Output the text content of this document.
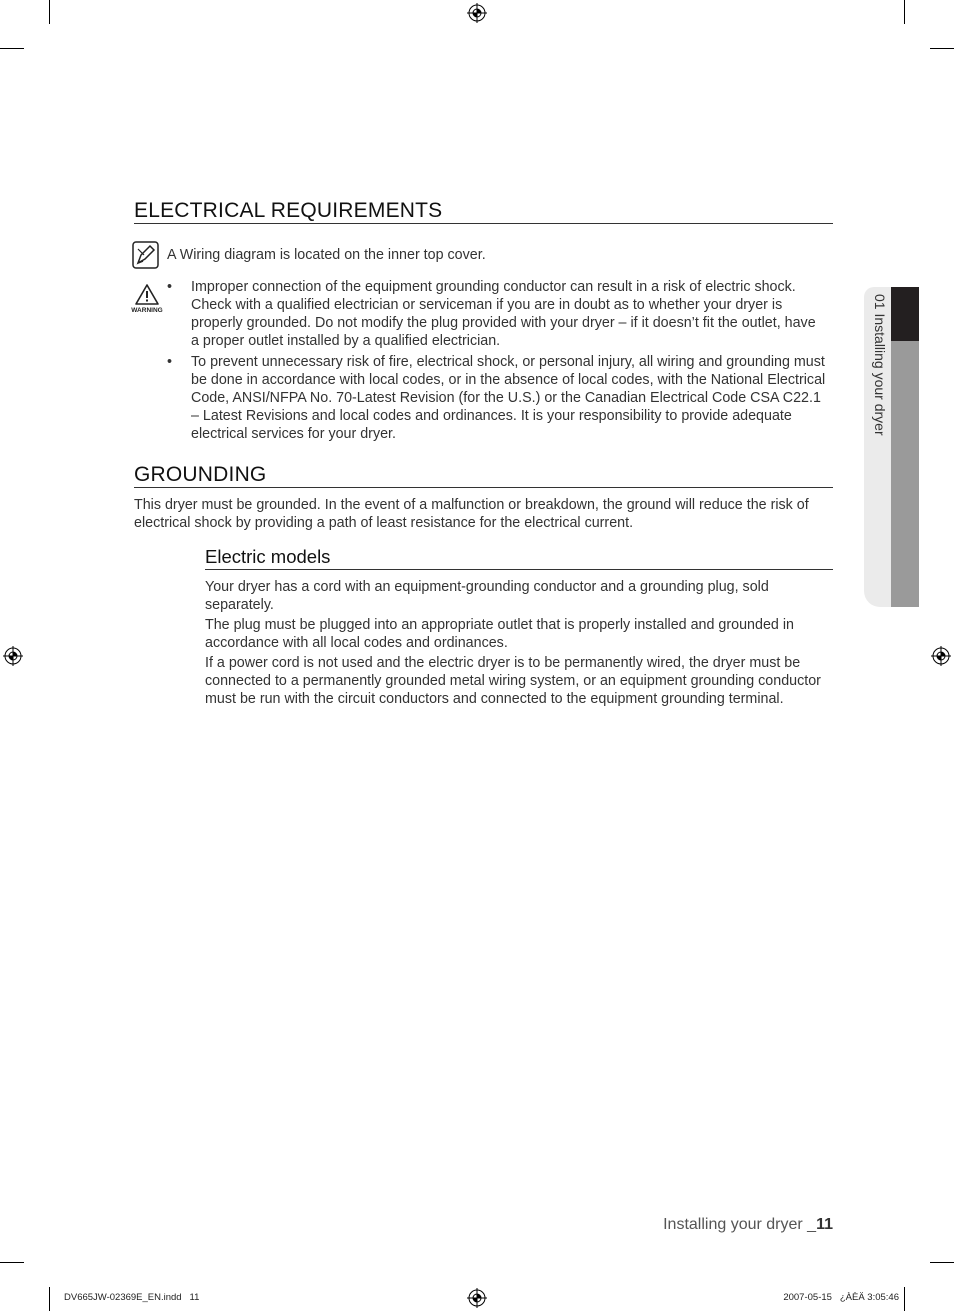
01 Installing your dryer
ELECTRICAL REQUIREMENTS
A Wiring diagram is located on the inner top cover.
WARNING
• Improper connection of the equipment grounding conductor can result in a risk of electric shock. Check with a qualified electrician or serviceman if you are in doubt as to whether your dryer is properly grounded. Do not modify the plug provided with your dryer – if it doesn’t fit the outlet, have a proper outlet installed by a qualified electrician.
• To prevent unnecessary risk of fire, electrical shock, or personal injury, all wiring and grounding must be done in accordance with local codes, or in the absence of local codes, with the National Electrical Code, ANSI/NFPA No. 70-Latest Revision (for the U.S.) or the Canadian Electrical Code CSA C22.1 – Latest Revisions and local codes and ordinances. It is your responsibility to provide adequate electrical services for your dryer.
GROUNDING
This dryer must be grounded. In the event of a malfunction or breakdown, the ground will reduce the risk of electrical shock by providing a path of least resistance for the electrical current.
Electric models

Your dryer has a cord with an equipment-grounding conductor and a grounding plug, sold separately.

The plug must be plugged into an appropriate outlet that is properly installed and grounded in accordance with all local codes and ordinances.

If a power cord is not used and the electric dryer is to be permanently wired, the dryer must be connected to a permanently grounded metal wiring system, or an equipment grounding conductor must be run with the circuit conductors and connected to the equipment grounding terminal.

Installing your dryer _11
DV665JW-02369E_EN.indd   11	2007-05-15   ¿ÀÈÄ 3:05:46
